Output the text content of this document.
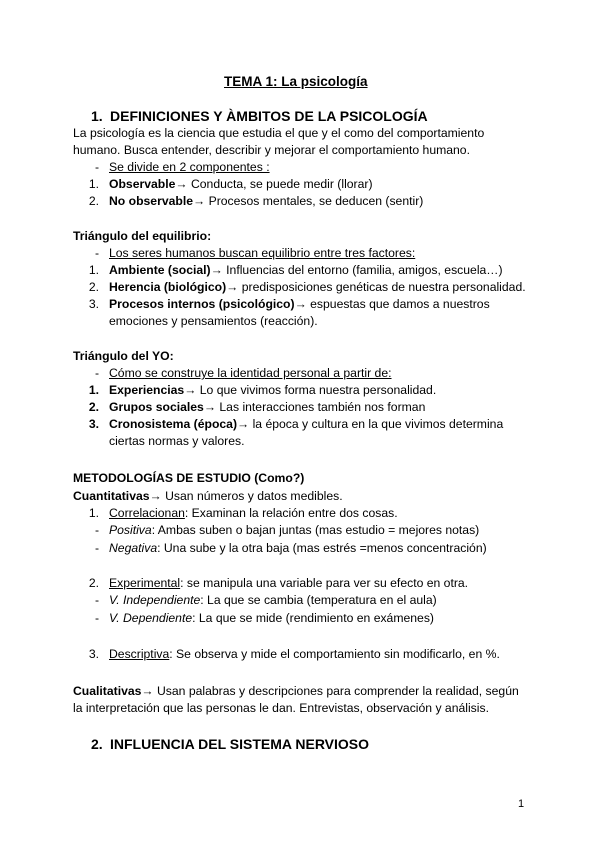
TEMA 1: La psicología
1. DEFINICIONES Y ÀMBITOS DE LA PSICOLOGÍA
La psicología es la ciencia que estudia el que y el como del comportamiento
humano. Busca entender, describir y mejorar el comportamiento humano.
- Se divide en 2 componentes :
1. Observable→ Conducta, se puede medir (llorar)
2. No observable→ Procesos mentales, se deducen (sentir)
Triángulo del equilibrio:
- Los seres humanos buscan equilibrio entre tres factores:
1. Ambiente (social)→ Influencias del entorno (familia, amigos, escuela…)
2. Herencia (biológico)→ predisposiciones genéticas de nuestra personalidad.
3. Procesos internos (psicológico)→ espuestas que damos a nuestros
emociones y pensamientos (reacción).
Triángulo del YO:
- Cómo se construye la identidad personal a partir de:
1. Experiencias→ Lo que vivimos forma nuestra personalidad.
2. Grupos sociales→ Las interacciones también nos forman
3. Cronosistema (época)→ la época y cultura en la que vivimos determina
ciertas normas y valores.
METODOLOGÍAS DE ESTUDIO (Como?)
Cuantitativas→ Usan números y datos medibles.
1. Correlacionan: Examinan la relación entre dos cosas.
- Positiva: Ambas suben o bajan juntas (mas estudio = mejores notas)
- Negativa: Una sube y la otra baja (mas estrés =menos concentración)
2. Experimental: se manipula una variable para ver su efecto en otra.
- V. Independiente: La que se cambia (temperatura en el aula)
- V. Dependiente: La que se mide (rendimiento en exámenes)
3. Descriptiva: Se observa y mide el comportamiento sin modificarlo, en %.
Cualitativas→ Usan palabras y descripciones para comprender la realidad, según
la interpretación que las personas le dan. Entrevistas, observación y análisis.
2. INFLUENCIA DEL SISTEMA NERVIOSO
1
